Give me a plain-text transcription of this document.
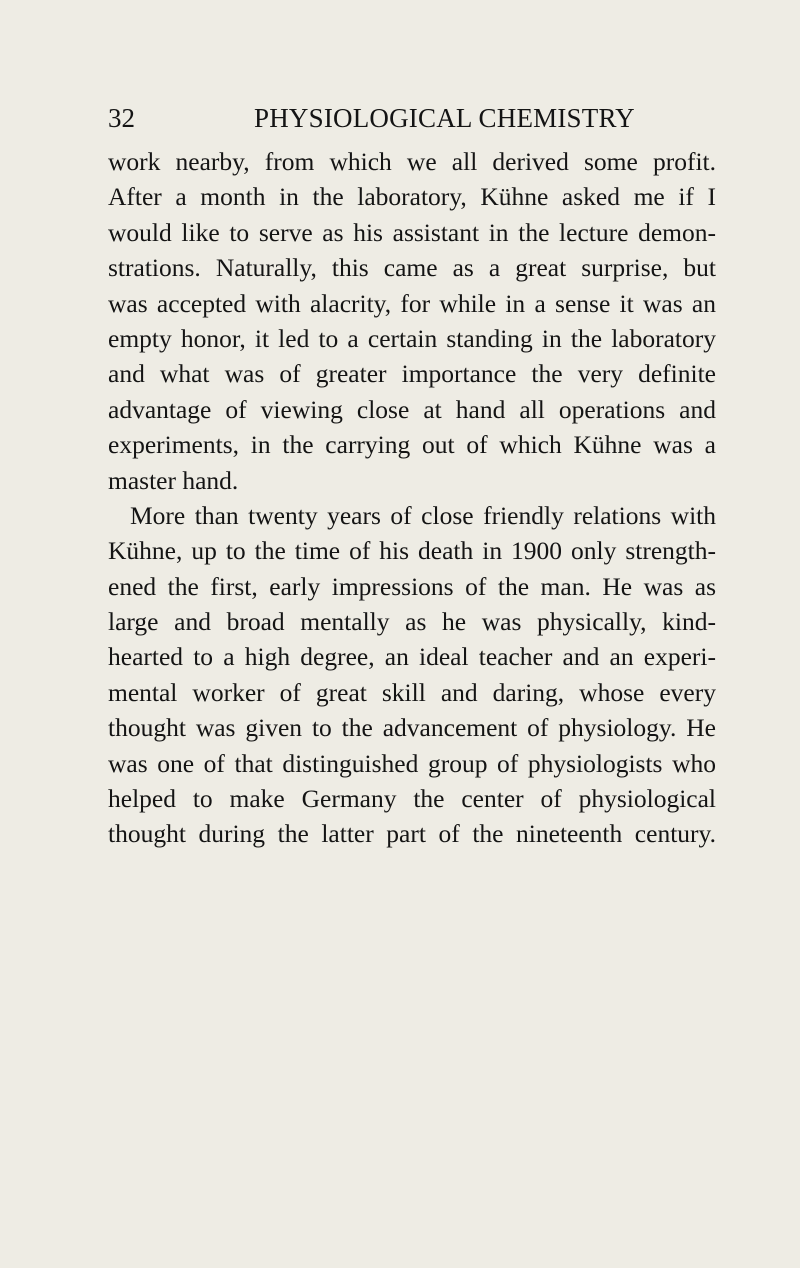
32	PHYSIOLOGICAL CHEMISTRY
work nearby, from which we all derived some profit.
After a month in the laboratory, Kühne asked me if I
would like to serve as his assistant in the lecture demon-
strations. Naturally, this came as a great surprise, but
was accepted with alacrity, for while in a sense it was an
empty honor, it led to a certain standing in the laboratory
and what was of greater importance the very definite
advantage of viewing close at hand all operations and
experiments, in the carrying out of which Kühne was a
master hand.
More than twenty years of close friendly relations with
Kühne, up to the time of his death in 1900 only strength-
ened the first, early impressions of the man. He was as
large and broad mentally as he was physically, kind-
hearted to a high degree, an ideal teacher and an experi-
mental worker of great skill and daring, whose every
thought was given to the advancement of physiology. He
was one of that distinguished group of physiologists who
helped to make Germany the center of physiological
thought during the latter part of the nineteenth century.
